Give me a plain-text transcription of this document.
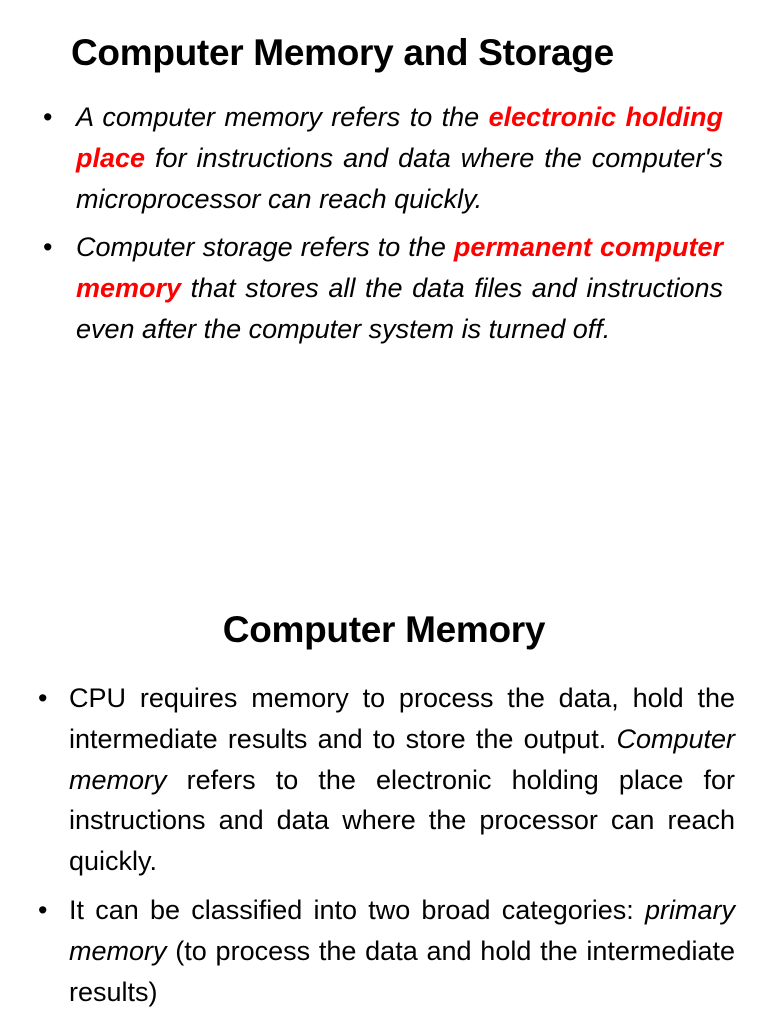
Computer Memory and Storage
• A computer memory refers to the electronic holding place for instructions and data where the computer's microprocessor can reach quickly.
• Computer storage refers to the permanent computer memory that stores all the data files and instructions even after the computer system is turned off.
Computer Memory
• CPU requires memory to process the data, hold the intermediate results and to store the output. Computer memory refers to the electronic holding place for instructions and data where the processor can reach quickly.
• It can be classified into two broad categories: primary memory (to process the data and hold the intermediate results)
